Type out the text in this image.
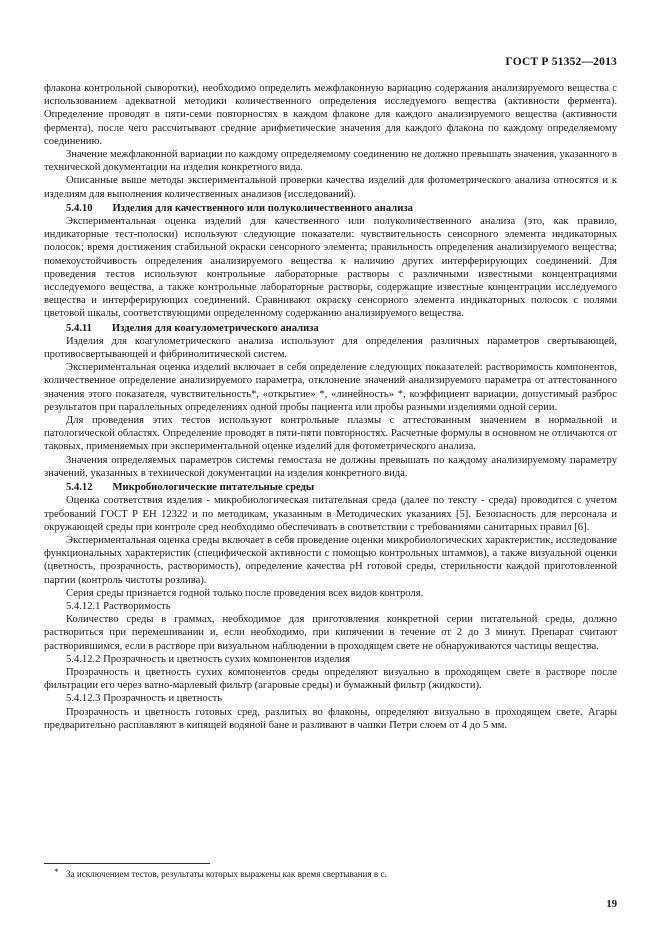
ГОСТ Р 51352—2013

флакона контрольной сыворотки), необходимо определить межфлаконную вариацию содержания анализируемого вещества с использованием адекватной методики количественного определения исследуемого вещества (активности фермента). Определение проводят в пяти-семи повторностях в каждом флаконе для каждого анализируемого вещества (активности фермента), после чего рассчитывают средние арифметические значения для каждого флакона по каждому определяемому соединению.

Значение межфлаконной вариации по каждому определяемому соединению не должно превышать значения, указанного в технической документации на изделия конкретного вида.

Описанные выше методы экспериментальной проверки качества изделий для фотометрического анализа относятся и к изделиям для выполнения количественных анализов (исследований).

5.4.10 Изделия для качественного или полуколичественного анализа

Экспериментальная оценка изделий для качественного или полуколичественного анализа (это, как правило, индикаторные тест-полоски) используют следующие показатели: чувствительность сенсорного элемента индикаторных полосок; время достижения стабильной окраски сенсорного элемента; правильность определения анализируемого вещества; помехоустойчивость определения анализируемого вещества к наличию других интерферирующих соединений. Для проведения тестов используют контрольные лабораторные растворы с различными известными концентрациями исследуемого вещества, а также контрольные лабораторные растворы, содержащие известные концентрации исследуемого вещества и интерферирующих соединений. Сравнивают окраску сенсорного элемента индикаторных полосок с полями цветовой шкалы, соответствующими определенному содержанию анализируемого вещества.

5.4.11 Изделия для коагулометрического анализа

Изделия для коагулометрического анализа используют для определения различных параметров свертывающей, противосвертывающей и фибринолитической систем.

Экспериментальная оценка изделий включает в себя определение следующих показателей: растворимость компонентов, количественное определение анализируемого параметра, отклонение значений анализируемого параметра от аттестованного значения этого показателя, чувствительность*, «открытие» *, «линейность» *, коэффициент вариации, допустимый разброс результатов при параллельных определениях одной пробы пациента или пробы разными изделиями одной серии.

Для проведения этих тестов используют контрольные плазмы с аттестованным значением в нормальной и патологической областях. Определение проводят в пяти-пяти повторностях. Расчетные формулы в основном не отличаются от таковых, применяемых при экспериментальной оценке изделий для фотометрического анализа.

Значения определяемых параметров системы гемостаза не должны превышать по каждому анализируемому параметру значений, указанных в технической документации на изделия конкретного вида.

5.4.12 Микробиологические питательные среды

Оценка соответствия изделия - микробиологическая питательная среда (далее по тексту - среда) проводится с учетом требований ГОСТ Р ЕН 12322 и по методикам, указанным в Методических указаниях [5]. Безопасность для персонала и окружающей среды при контроле сред необходимо обеспечивать в соответствии с требованиями санитарных правил [6].

Экспериментальная оценка среды включает в себя проведение оценки микробиологических характеристик, исследование функциональных характеристик (специфической активности с помощью контрольных штаммов), а также визуальной оценки (цветность, прозрачность, растворимость), определение качества рН готовой среды, стерильности каждой приготовленной партии (контроль чистоты розлива).

Серия среды признается годной только после проведения всех видов контроля.

5.4.12.1 Растворимость

Количество среды в граммах, необходимое для приготовления конкретной серии питательной среды, должно раствориться при перемешивании и, если необходимо, при кипячении в течение от 2 до 3 минут. Препарат считают растворившимся, если в растворе при визуальном наблюдении в проходящем свете не обнаруживаются частицы вещества.

5.4.12.2 Прозрачность и цветность сухих компонентов изделия

Прозрачность и цветность сухих компонентов среды определяют визуально в проходящем свете в растворе после фильтрации его через ватно-марлевый фильтр (агаровые среды) и бумажный фильтр (жидкости).

5.4.12.3 Прозрачность и цветность

Прозрачность и цветность готовых сред, разлитых во флаконы, определяют визуально в проходящем свете. Агары предварительно расплавляют в кипящей водяной бане и разливают в чашки Петри слоем от 4 до 5 мм.

* За исключением тестов, результаты которых выражены как время свертывания в с.
19
